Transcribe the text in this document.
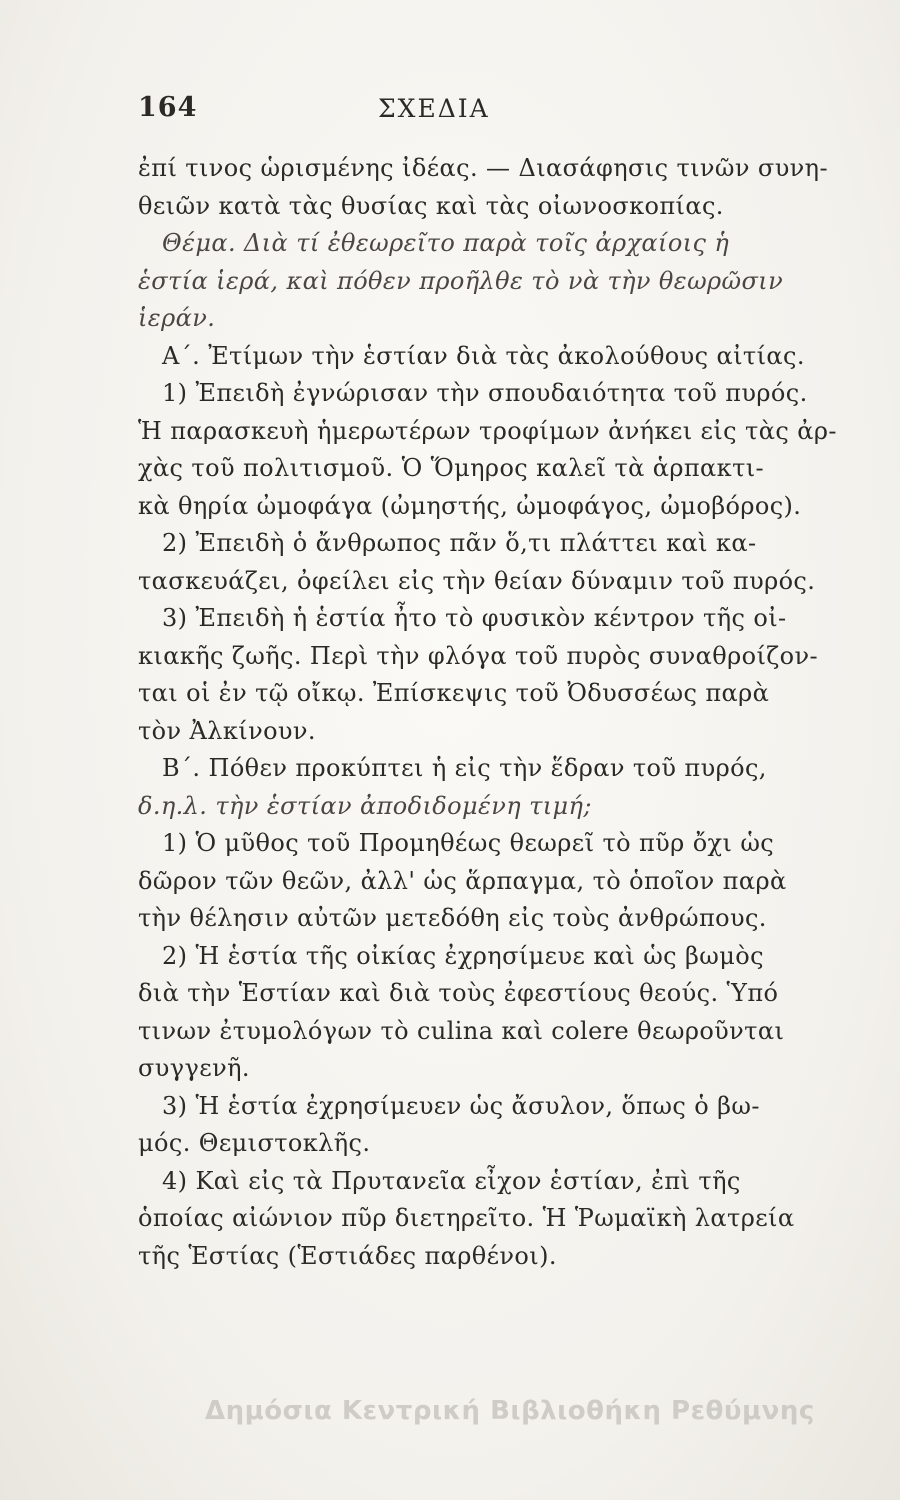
164	ΣΧΕΔΙΑ
ἐπί τινος ὡρισμένης ἰδέας. — Διασάφησις τινῶν συνη-
θειῶν κατὰ τὰς θυσίας καὶ τὰς οἰωνοσκοπίας.
Θέμα. Διὰ τί ἐθεωρεῖτο παρὰ τοῖς ἀρχαίοις ἡ
ἑστία ἱερά, καὶ πόθεν προῆλθε τὸ νὰ τὴν θεωρῶσιν
ἱεράν.
Α΄. Ἐτίμων τὴν ἑστίαν διὰ τὰς ἀκολούθους αἰτίας.
1) Ἐπειδὴ ἐγνώρισαν τὴν σπουδαιότητα τοῦ πυρός.
Ἡ παρασκευὴ ἡμερωτέρων τροφίμων ἀνήκει εἰς τὰς ἀρ-
χὰς τοῦ πολιτισμοῦ. Ὁ Ὅμηρος καλεῖ τὰ ἁρπακτι-
κὰ θηρία ὠμοφάγα (ὠμηστής, ὠμοφάγος, ὠμοβόρος).
2) Ἐπειδὴ ὁ ἄνθρωπος πᾶν ὅ,τι πλάττει καὶ κα-
τασκευάζει, ὀφείλει εἰς τὴν θείαν δύναμιν τοῦ πυρός.
3) Ἐπειδὴ ἡ ἑστία ἦτο τὸ φυσικὸν κέντρον τῆς οἰ-
κιακῆς ζωῆς. Περὶ τὴν φλόγα τοῦ πυρὸς συναθροίζον-
ται οἱ ἐν τῷ οἴκῳ. Ἐπίσκεψις τοῦ Ὀδυσσέως παρὰ
τὸν Ἀλκίνουν.
Β΄. Πόθεν προκύπτει ἡ εἰς τὴν ἕδραν τοῦ πυρός,
δ.η.λ. τὴν ἑστίαν ἀποδιδομένη τιμή;
1) Ὁ μῦθος τοῦ Προμηθέως θεωρεῖ τὸ πῦρ ὄχι ὡς
δῶρον τῶν θεῶν, ἀλλ' ὡς ἅρπαγμα, τὸ ὁποῖον παρὰ
τὴν θέλησιν αὐτῶν μετεδόθη εἰς τοὺς ἀνθρώπους.
2) Ἡ ἑστία τῆς οἰκίας ἐχρησίμευε καὶ ὡς βωμὸς
διὰ τὴν Ἑστίαν καὶ διὰ τοὺς ἐφεστίους θεούς. Ὑπό
τινων ἐτυμολόγων τὸ culina καὶ colere θεωροῦνται
συγγενῆ.
3) Ἡ ἑστία ἐχρησίμευεν ὡς ἄσυλον, ὅπως ὁ βω-
μός. Θεμιστοκλῆς.
4) Καὶ εἰς τὰ Πρυτανεῖα εἶχον ἑστίαν, ἐπὶ τῆς
ὁποίας αἰώνιον πῦρ διετηρεῖτο. Ἡ Ῥωμαϊκὴ λατρεία
τῆς Ἑστίας (Ἑστιάδες παρθένοι).
Δημόσια Κεντρική Βιβλιοθήκη Ρεθύμνης
